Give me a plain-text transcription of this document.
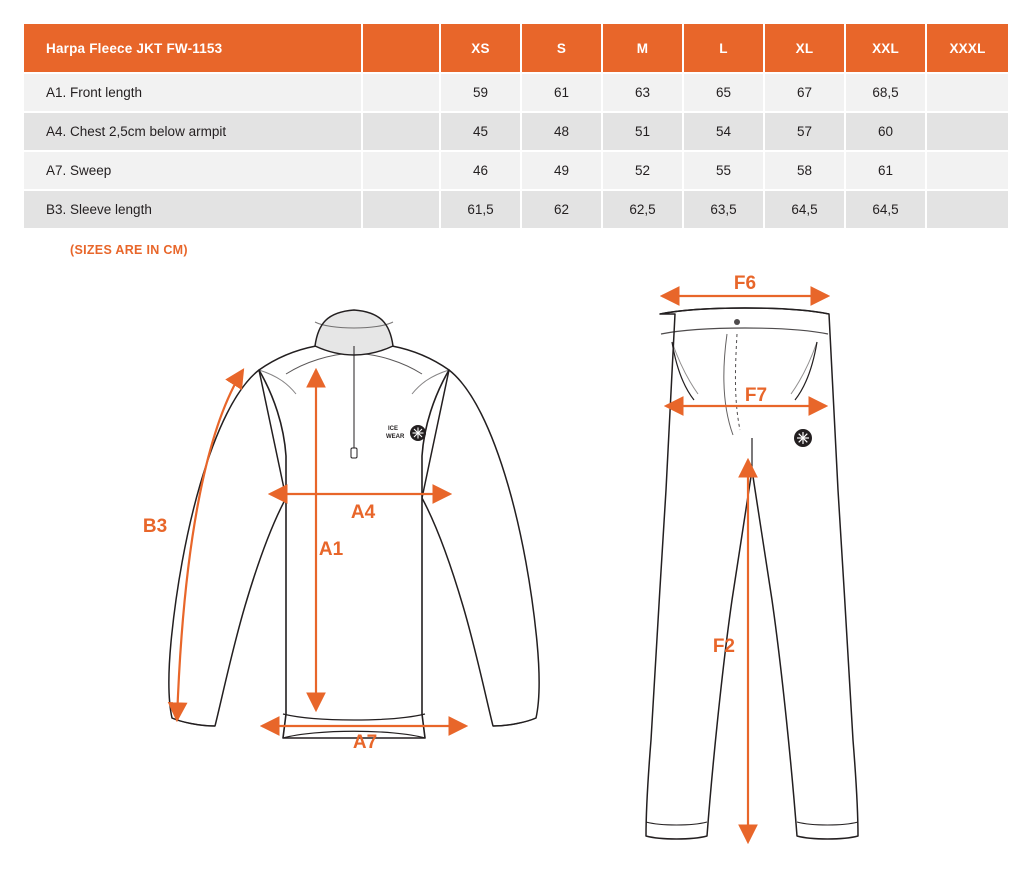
Harpa Fleece JKT FW-1153		XS	S	M	L	XL	XXL	XXXL

A1. Front length		59	61	63	65	67	68,5	

A4. Chest 2,5cm below armpit		45	48	51	54	57	60	

A7. Sweep		46	49	52	55	58	61	

B3. Sleeve length		61,5	62	62,5	63,5	64,5	64,5	
(SIZES ARE IN CM)
ICE
WEAR
B3
A4
A1
A7
F6
F7
F2
